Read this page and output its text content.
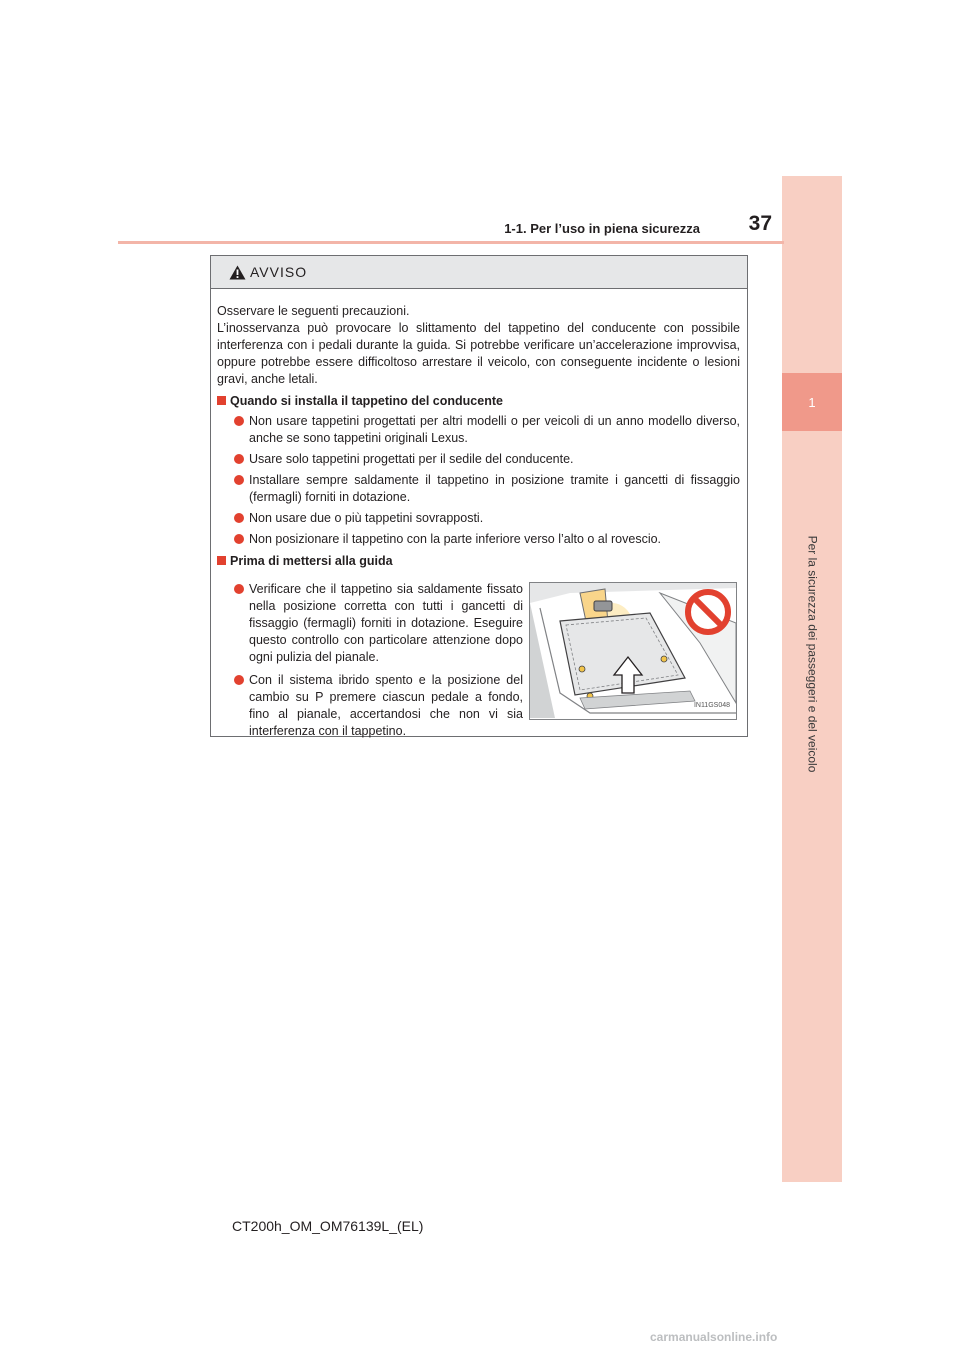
1
Per la sicurezza dei passeggeri e del veicolo
1-1. Per l’uso in piena sicurezza	37
AVVISO

Osservare le seguenti precauzioni.

L’inosservanza può provocare lo slittamento del tappetino del conducente con possibile interferenza con i pedali durante la guida. Si potrebbe verificare un’accelerazione improvvisa, oppure potrebbe essere difficoltoso arrestare il veicolo, con conseguente incidente o lesioni gravi, anche letali.

Quando si installa il tappetino del conducente
Non usare tappetini progettati per altri modelli o per veicoli di un anno modello diverso, anche se sono tappetini originali Lexus.
Usare solo tappetini progettati per il sedile del conducente.
Installare sempre saldamente il tappetino in posizione tramite i gancetti di fissaggio (fermagli) forniti in dotazione.
Non usare due o più tappetini sovrapposti.
Non posizionare il tappetino con la parte inferiore verso l’alto o al rovescio.
Prima di mettersi alla guida
Verificare che il tappetino sia saldamente fissato nella posizione corretta con tutti i gancetti di fissaggio (fermagli) forniti in dotazione. Eseguire questo controllo con particolare attenzione dopo ogni pulizia del pianale.
Con il sistema ibrido spento e la posizione del cambio su P premere ciascun pedale a fondo, fino al pianale, accertandosi che non vi sia interferenza con il tappetino.
IN11GS048
CT200h_OM_OM76139L_(EL)
carmanualsonline.info
